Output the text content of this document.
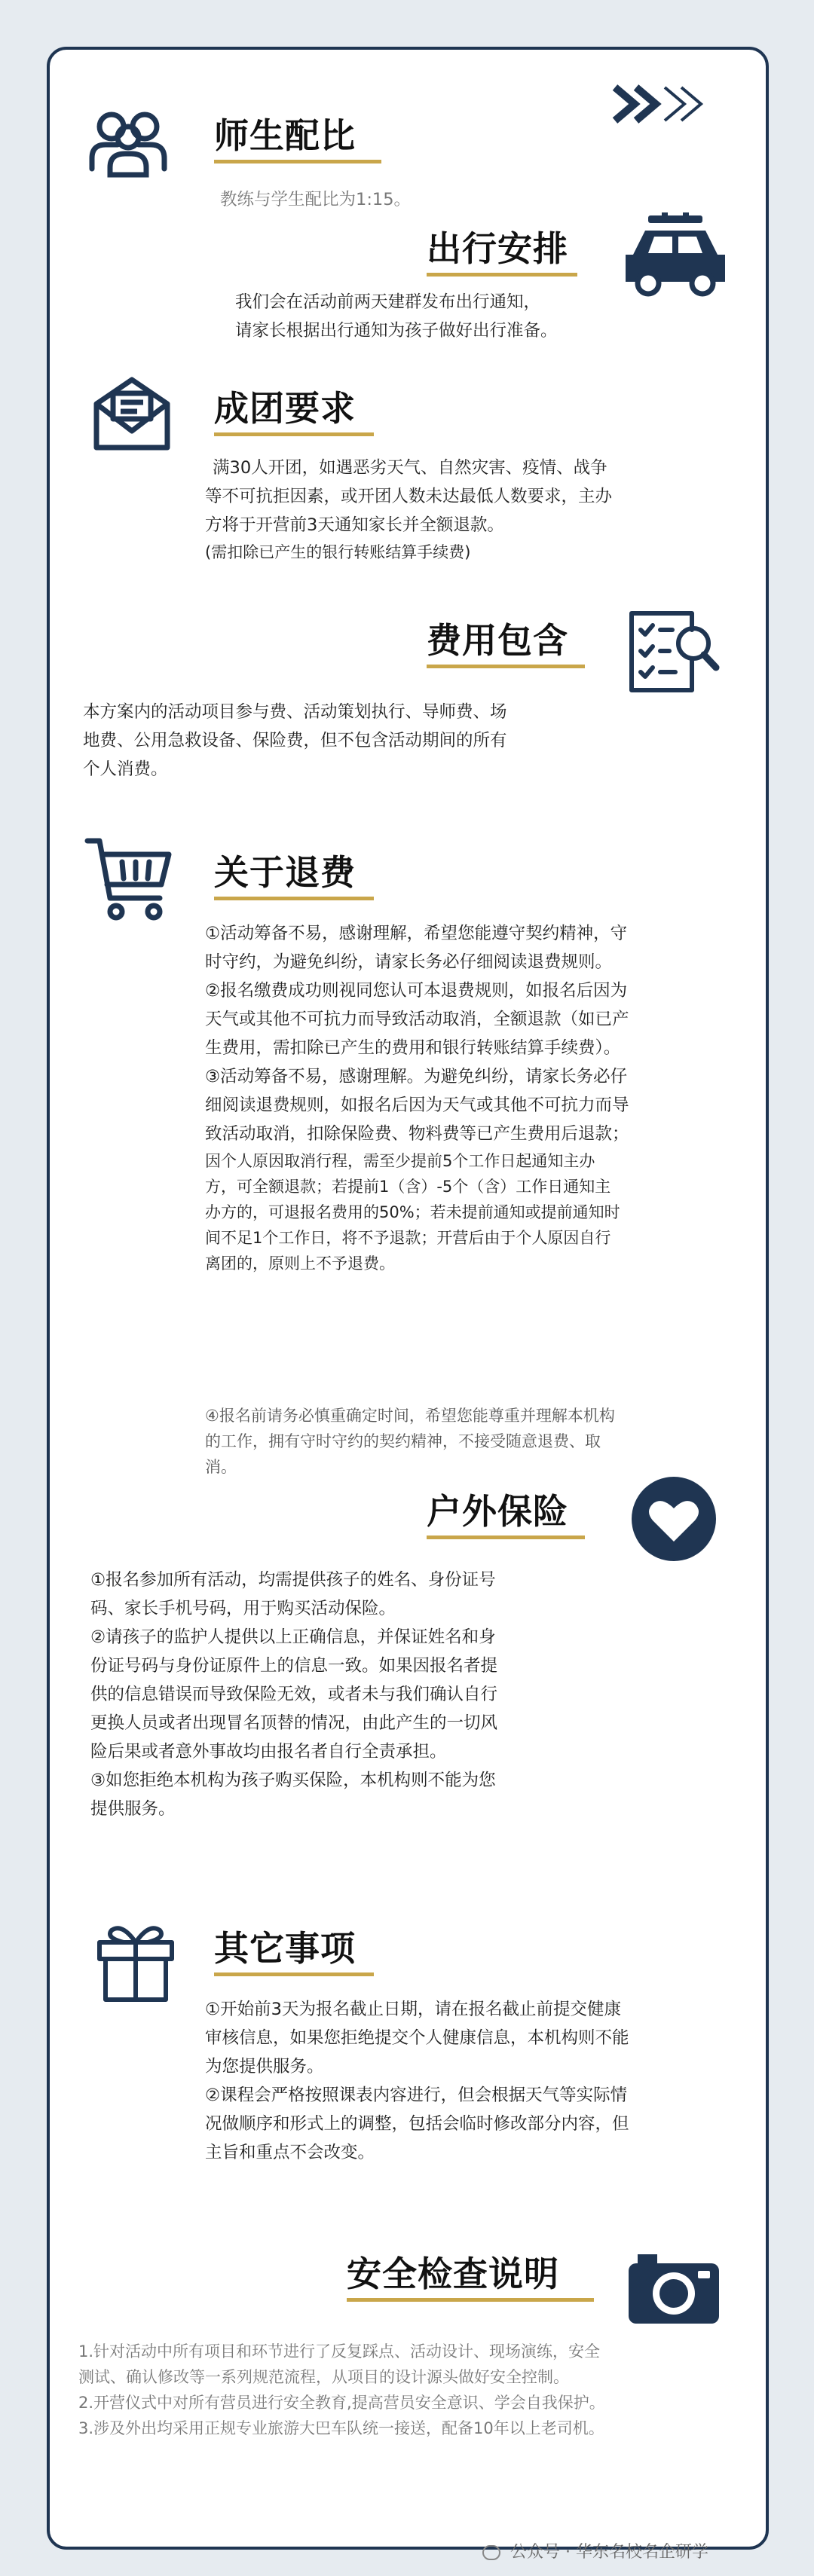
师生配比

教练与学生配比为1:15。

出行安排

我们会在活动前两天建群发布出行通知，

请家长根据出行通知为孩子做好出行准备。

成团要求

满30人开团，如遇恶劣天气、自然灾害、疫情、战争

等不可抗拒因素，或开团人数未达最低人数要求，主办

方将于开营前3天通知家长并全额退款。

(需扣除已产生的银行转账结算手续费)

费用包含

本方案内的活动项目参与费、活动策划执行、导师费、场

地费、公用急救设备、保险费，但不包含活动期间的所有

个人消费。

关于退费

①活动筹备不易，感谢理解，希望您能遵守契约精神，守

时守约，为避免纠纷，请家长务必仔细阅读退费规则。

②报名缴费成功则视同您认可本退费规则，如报名后因为

天气或其他不可抗力而导致活动取消，全额退款（如已产

生费用，需扣除已产生的费用和银行转账结算手续费）。

③活动筹备不易，感谢理解。为避免纠纷，请家长务必仔

细阅读退费规则，如报名后因为天气或其他不可抗力而导

致活动取消，扣除保险费、物料费等已产生费用后退款；

因个人原因取消行程，需至少提前5个工作日起通知主办

方，可全额退款；若提前1（含）-5个（含）工作日通知主

办方的，可退报名费用的50%；若未提前通知或提前通知时

间不足1个工作日，将不予退款；开营后由于个人原因自行

离团的，原则上不予退费。

④报名前请务必慎重确定时间，希望您能尊重并理解本机构

的工作，拥有守时守约的契约精神，不接受随意退费、取

消。

户外保险

①报名参加所有活动，均需提供孩子的姓名、身份证号

码、家长手机号码，用于购买活动保险。

②请孩子的监护人提供以上正确信息，并保证姓名和身

份证号码与身份证原件上的信息一致。如果因报名者提

供的信息错误而导致保险无效，或者未与我们确认自行

更换人员或者出现冒名顶替的情况，由此产生的一切风

险后果或者意外事故均由报名者自行全责承担。

③如您拒绝本机构为孩子购买保险，本机构则不能为您

提供服务。

其它事项

①开始前3天为报名截止日期，请在报名截止前提交健康

审核信息，如果您拒绝提交个人健康信息，本机构则不能

为您提供服务。

②课程会严格按照课表内容进行，但会根据天气等实际情

况做顺序和形式上的调整，包括会临时修改部分内容，但

主旨和重点不会改变。

安全检查说明

1.针对活动中所有项目和环节进行了反复踩点、活动设计、现场演练，安全

测试、确认修改等一系列规范流程，从项目的设计源头做好安全控制。

2.开营仪式中对所有营员进行安全教育,提高营员安全意识、学会自我保护。

3.涉及外出均采用正规专业旅游大巴车队统一接送，配备10年以上老司机。

公众号 · 华东名校名企研学
